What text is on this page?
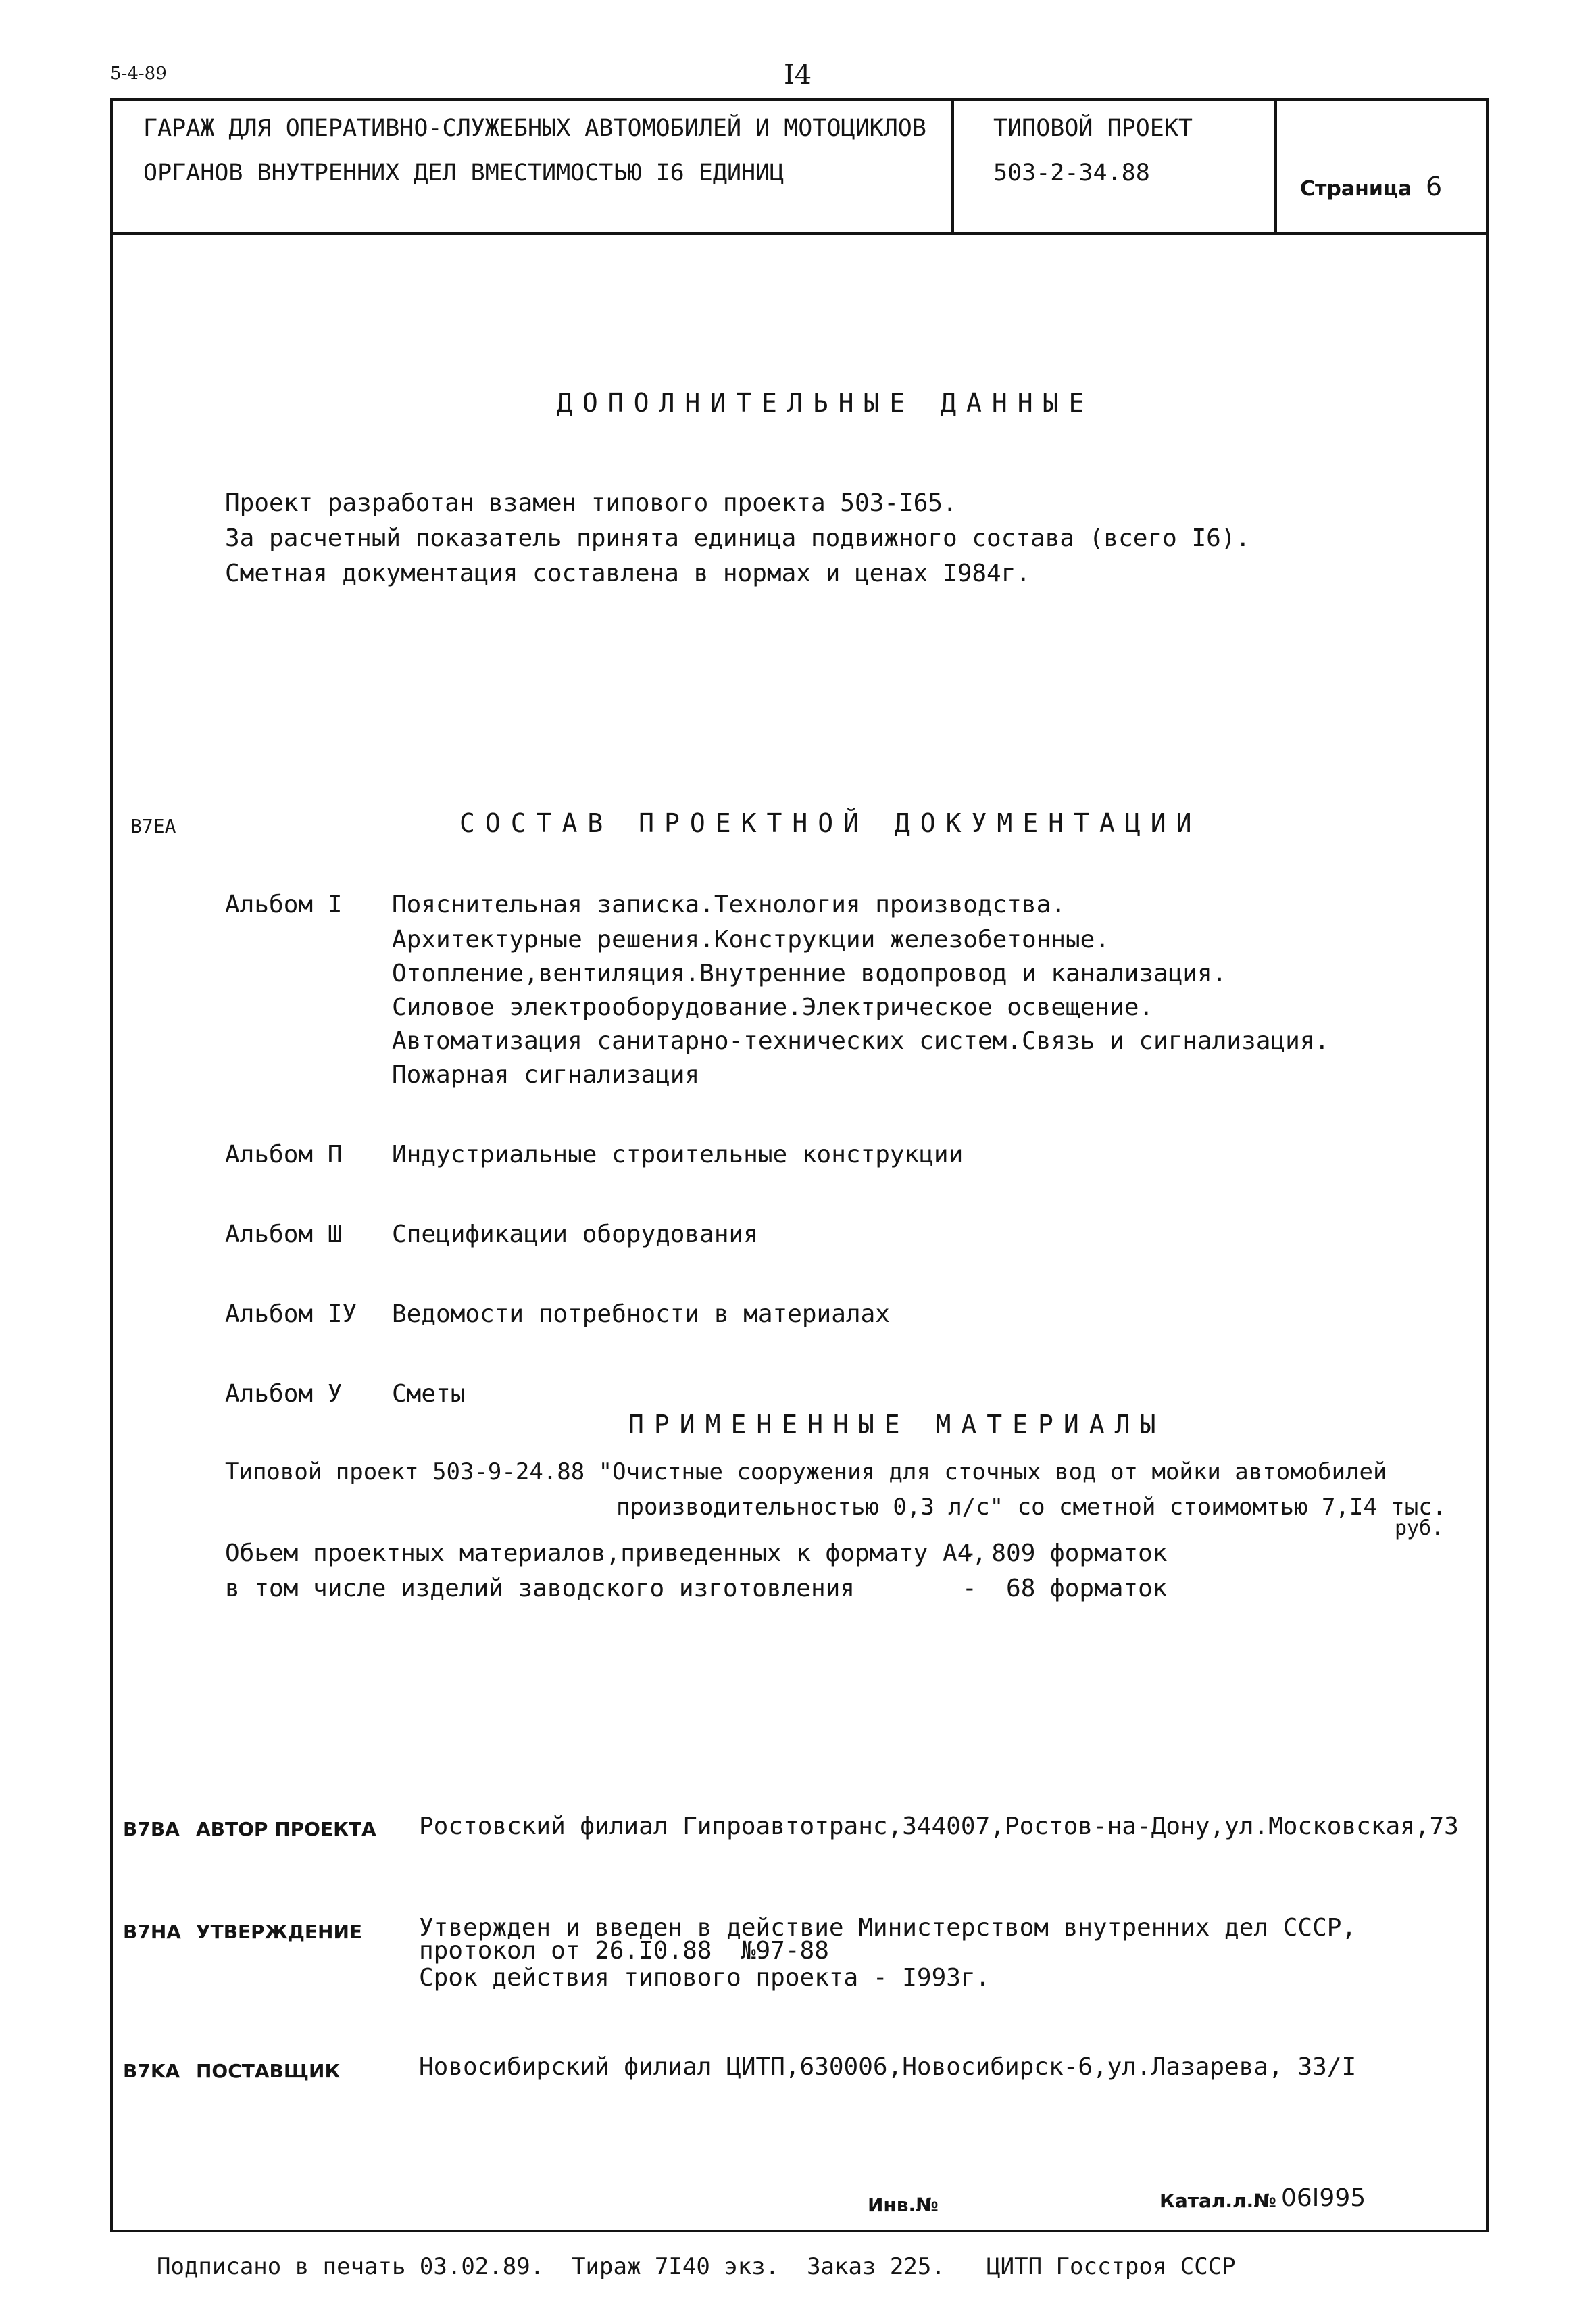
5-4-89	I4
ГАРАЖ ДЛЯ ОПЕРАТИВНО-СЛУЖЕБНЫХ АВТОМОБИЛЕЙ И МОТОЦИКЛОВ
ОРГАНОВ ВНУТРЕННИХ ДЕЛ ВМЕСТИМОСТЬЮ I6 ЕДИНИЦ
ТИПОВОЙ ПРОЕКТ
503-2-34.88
Страница 6
ДОПОЛНИТЕЛЬНЫЕ ДАННЫЕ
Проект разработан взамен типового проекта 503-I65.
За расчетный показатель принята единица подвижного состава (всего I6).
Сметная документация составлена в нормах и ценах I984г.
B7EA	СОСТАВ ПРОЕКТНОЙ ДОКУМЕНТАЦИИ
Альбом I Пояснительная записка.Технология производства.
Архитектурные решения.Конструкции железобетонные.
Отопление,вентиляция.Внутренние водопровод и канализация.
Силовое электрооборудование.Электрическое освещение.
Автоматизация санитарно-технических систем.Связь и сигнализация.
Пожарная сигнализация
Альбом П Индустриальные строительные конструкции
Альбом Ш Спецификации оборудования
Альбом IУ Ведомости потребности в материалах
Альбом У Сметы
ПРИМЕНЕННЫЕ МАТЕРИАЛЫ
Типовой проект 503-9-24.88 "Очистные сооружения для сточных вод от мойки автомобилей
производительностью 0,3 л/с" со сметной стоимомтью 7,I4 тыс.
руб.
Обьем проектных материалов,приведенных к формату А4,
- 809 форматок
в том числе изделий заводского изготовления	-  68 форматок
B7BA АВТОР ПРОЕКТА Ростовский филиал Гипроавтотранс,344007,Ростов-на-Дону,ул.Московская,73
B7HA УТВЕРЖДЕНИЕ Утвержден и введен в действие Министерством внутренних дел СССР,
протокол от 26.I0.88  №97-88
Срок действия типового проекта - I993г.
B7KA ПОСТАВЩИК	Новосибирский филиал ЦИТП,630006,Новосибирск-6,ул.Лазарева, 33/I
Инв.№	Катал.л.№ 06I995
Подписано в печать 03.02.89.  Тираж 7I40 экз.  Заказ 225.   ЦИТП Госстроя СССР
